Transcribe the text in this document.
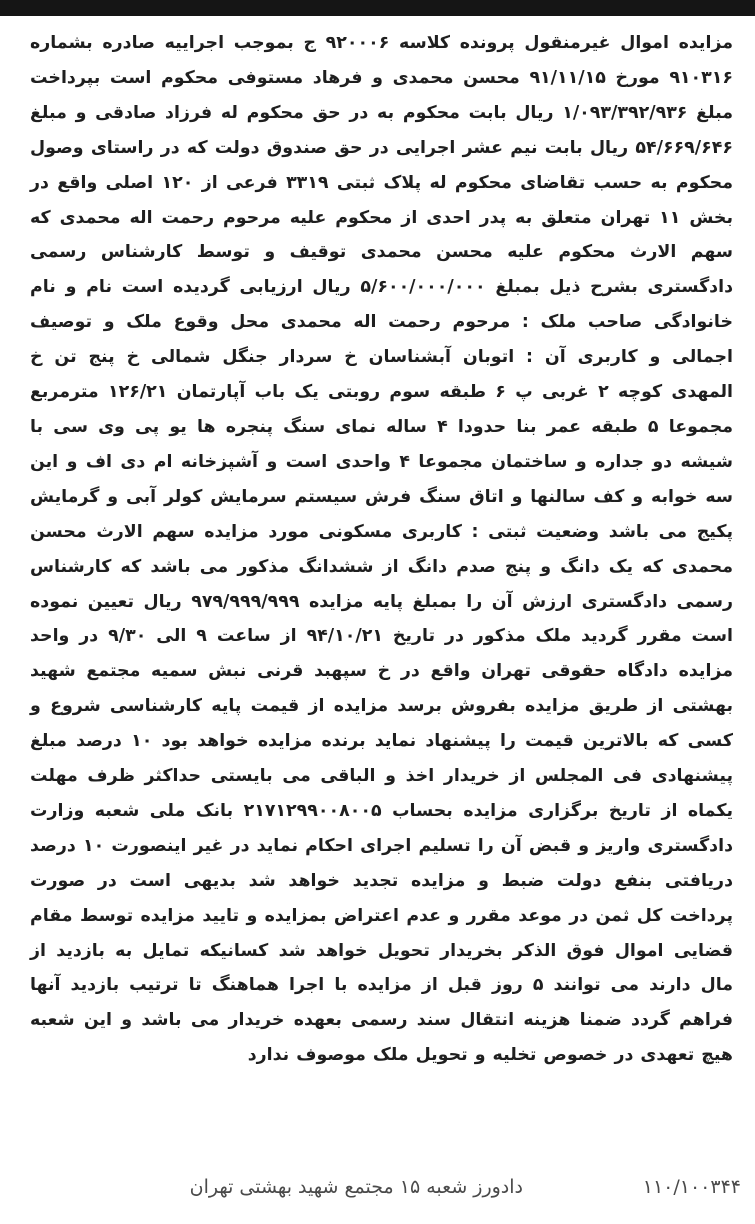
مزایده اموال غیرمنقول پرونده کلاسه ۹۲۰۰۰۶ ج بموجب اجراییه صادره بشماره ۹۱۰۳۱۶ مورخ ۹۱/۱۱/۱۵ محسن محمدی و فرهاد مستوفی محکوم است بپرداخت مبلغ ۱/۰۹۳/۳۹۲/۹۳۶ ریال بابت محکوم به در حق محکوم له فرزاد صادقی و مبلغ ۵۴/۶۶۹/۶۴۶ ریال بابت نیم عشر اجرایی در حق صندوق دولت که در راستای وصول محکوم به حسب تقاضای محکوم له پلاک ثبتی ۳۳۱۹ فرعی از ۱۲۰ اصلی واقع در بخش ۱۱ تهران متعلق به پدر احدی از محکوم علیه مرحوم رحمت اله محمدی که سهم الارث محکوم علیه محسن محمدی توقیف و توسط کارشناس رسمی دادگستری بشرح ذیل بمبلغ ۵/۶۰۰/۰۰۰/۰۰۰ ریال ارزیابی گردیده است نام و نام خانوادگی صاحب ملک : مرحوم رحمت اله محمدی محل وقوع ملک و توصیف اجمالی و کاربری آن : اتوبان آبشناسان خ سردار جنگل شمالی خ پنج تن خ المهدی کوچه ۲ غربی پ ۶ طبقه سوم روبتی یک باب آپارتمان ۱۲۶/۲۱ مترمربع مجموعا ۵ طبقه عمر بنا حدودا ۴ ساله نمای سنگ پنجره ها یو پی وی سی با شیشه دو جداره و ساختمان مجموعا ۴ واحدی است و آشپزخانه ام دی اف و این سه خوابه و کف سالنها و اتاق سنگ فرش سیستم سرمایش کولر آبی و گرمایش پکیج می باشد وضعیت ثبتی : کاربری مسکونی مورد مزایده سهم الارث محسن محمدی که یک دانگ و پنج صدم دانگ از ششدانگ مذکور می باشد که کارشناس رسمی دادگستری ارزش آن را بمبلغ پایه مزایده ۹۷۹/۹۹۹/۹۹۹ ریال تعیین نموده است مقرر گردید ملک مذکور در تاریخ ۹۴/۱۰/۲۱ از ساعت ۹ الی ۹/۳۰ در واحد مزایده دادگاه حقوقی تهران واقع در خ سپهبد قرنی نبش سمیه مجتمع شهید بهشتی از طریق مزایده بفروش برسد مزایده از قیمت پایه کارشناسی شروع و کسی که بالاترین قیمت را پیشنهاد نماید برنده مزایده خواهد بود ۱۰ درصد مبلغ پیشنهادی فی المجلس از خریدار اخذ و الباقی می بایستی حداکثر ظرف مهلت یکماه از تاریخ برگزاری مزایده بحساب ۲۱۷۱۲۹۹۰۰۸۰۰۵ بانک ملی شعبه وزارت دادگستری واریز و قبض آن را تسلیم اجرای احکام نماید در غیر اینصورت ۱۰ درصد دریافتی بنفع دولت ضبط و مزایده تجدید خواهد شد بدیهی است در صورت پرداخت کل ثمن در موعد مقرر و عدم اعتراض بمزایده و تایید مزایده توسط مقام قضایی اموال فوق الذکر بخریدار تحویل خواهد شد کسانیکه تمایل به بازدید از مال دارند می توانند ۵ روز قبل از مزایده با اجرا هماهنگ تا ترتیب بازدید آنها فراهم گردد ضمنا هزینه انتقال سند رسمی بعهده خریدار می باشد و این شعبه هیچ تعهدی در خصوص تخلیه و تحویل ملک موصوف ندارد
۱۱۰/۱۰۰۳۴۴
دادورز شعبه ۱۵ مجتمع شهید بهشتی تهران
